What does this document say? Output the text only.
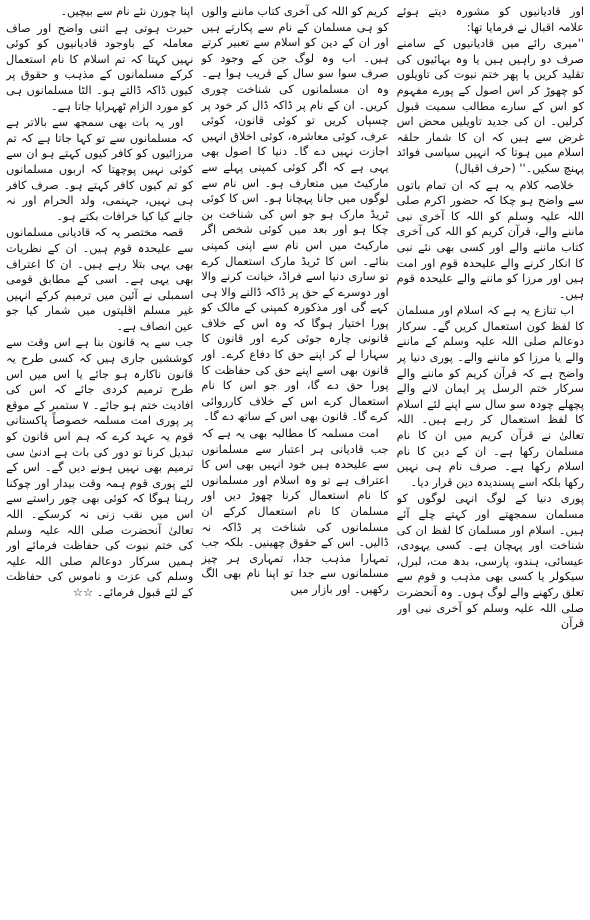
اور قادیانیوں کو مشورہ دیتے ہوئے علامہ اقبال نے فرمایا تھا:

''میری رائے میں قادیانیوں کے سامنے صرف دو راہیں ہیں یا وہ بہائیوں کی تقلید کریں یا پھر ختم نبوت کی تاویلوں کو چھوڑ کر اس اصول کے پورے مفہوم کو اس کے سارے مطالب سمیت قبول کرلیں۔ ان کی جدید تاویلیں محض اس غرض سے ہیں کہ ان کا شمار حلقہ اسلام میں ہوتا کہ انہیں سیاسی فوائد پہنچ سکیں۔'' (حرف اقبال)

خلاصہ کلام یہ ہے کہ ان تمام باتوں سے واضح ہو چکا کہ حضور اکرم صلی اللہ علیہ وسلم کو اللہ کا آخری نبی ماننے والے، قرآن کریم کو اللہ کی آخری کتاب ماننے والے اور کسی بھی نئے نبی کا انکار کرنے والے علیحدہ قوم اور امت ہیں اور مرزا کو ماننے والے علیحدہ قوم ہیں۔

اب تنازع یہ ہے کہ اسلام اور مسلمان کا لفظ کون استعمال کریں گے۔ سرکار دوعالم صلی اللہ علیہ وسلم کے ماننے والے یا مرزا کو ماننے والے۔ پوری دنیا پر واضح ہے کہ قرآن کریم کو ماننے والے سرکار ختم الرسل پر ایمان لانے والے پچھلے چودہ سو سال سے اپنے لئے اسلام کا لفظ استعمال کر رہے ہیں۔ اللہ تعالیٰ نے قرآن کریم میں ان کا نام مسلمان رکھا ہے۔ ان کے دین کا نام اسلام رکھا ہے۔ صرف نام ہی نہیں رکھا بلکہ اسے پسندیدہ دین قرار دیا۔

پوری دنیا کے لوگ انہی لوگوں کو مسلمان سمجھتے اور کہتے چلے آئے ہیں۔ اسلام اور مسلمان کا لفظ ان کی شناخت اور پہچان ہے۔ کسی یہودی، عیسائی، ہندو، پارسی، بدھ مت، لبرل، سیکولر یا کسی بھی مذہب و قوم سے تعلق رکھنے والے لوگ ہوں۔ وہ آنحضرت صلی اللہ علیہ وسلم کو آخری نبی اور قرآن

کریم کو اللہ کی آخری کتاب ماننے والوں کو ہی مسلمان کے نام سے پکارتے ہیں اور ان کے دین کو اسلام سے تعبیر کرتے ہیں۔ اب وہ لوگ جن کے وجود کو صرف سوا سو سال کے قریب ہوا ہے۔ وہ ان مسلمانوں کی شناخت چوری کریں۔ ان کے نام پر ڈاکہ ڈال کر خود پر چسپاں کریں تو کوئی قانون، کوئی عرف، کوئی معاشرہ، کوئی اخلاق انہیں اجازت نہیں دے گا۔ دنیا کا اصول بھی یہی ہے کہ اگر کوئی کمپنی پہلے سے مارکیٹ میں متعارف ہو۔ اس نام سے لوگوں میں جانا پہچانا ہو۔ اس کا کوئی ٹریڈ مارک ہو جو اس کی شناخت بن چکا ہو اور بعد میں کوئی شخص اگر مارکیٹ میں اس نام سے اپنی کمپنی بنائے۔ اس کا ٹریڈ مارک استعمال کرے تو ساری دنیا اسے فراڈ، خیانت کرنے والا اور دوسرے کے حق پر ڈاکہ ڈالنے والا ہی کہے گی اور مذکورہ کمپنی کے مالک کو پورا اختیار ہوگا کہ وہ اس کے خلاف قانونی چارہ جوئی کرے اور قانون کا سہارا لے کر اپنے حق کا دفاع کرے۔ اور قانون بھی اسے اپنے حق کی حفاظت کا پورا حق دے گا، اور جو اس کا نام استعمال کرے اس کے خلاف کارروائی کرے گا۔ قانون بھی اس کے ساتھ دے گا۔

امت مسلمہ کا مطالبہ بھی یہ ہے کہ جب قادیانی ہر اعتبار سے مسلمانوں سے علیحدہ ہیں خود انہیں بھی اس کا اعتراف ہے تو وہ اسلام اور مسلمانوں کا نام استعمال کرنا چھوڑ دیں اور مسلمان کا نام استعمال کرکے ان مسلمانوں کی شناخت پر ڈاکہ نہ ڈالیں۔ اس کے حقوق چھینیں۔ بلکہ جب تمہارا مذہب جدا، تمہاری ہر چیز مسلمانوں سے جدا تو اپنا نام بھی الگ رکھیں۔ اور بازار میں

اپنا چورن نئے نام سے بیچیں۔

حیرت ہوتی ہے اتنی واضح اور صاف معاملہ کے باوجود قادیانیوں کو کوئی نہیں کہتا کہ تم اسلام کا نام استعمال کرکے مسلمانوں کے مذہب و حقوق پر کیوں ڈاکہ ڈالتے ہو۔ الٹا مسلمانوں ہی کو مورد الزام ٹھہرایا جاتا ہے۔

اور یہ بات بھی سمجھ سے بالاتر ہے کہ مسلمانوں سے تو کہا جاتا ہے کہ تم مرزائیوں کو کافر کیوں کہتے ہو ان سے کوئی نہیں پوچھتا کہ اربوں مسلمانوں کو تم کیوں کافر کہتے ہو۔ صرف کافر ہی نہیں، جہنمی، ولد الحرام اور نہ جانے کیا کیا خرافات بکتے ہو۔

قصہ مختصر یہ کہ قادیانی مسلمانوں سے علیحدہ قوم ہیں۔ ان کے نظریات بھی یہی بتلا رہے ہیں۔ ان کا اعتراف بھی یہی ہے۔ اسی کے مطابق قومی اسمبلی نے آئین میں ترمیم کرکے انہیں غیر مسلم اقلیتوں میں شمار کیا جو عین انصاف ہے۔

جب سے یہ قانون بنا ہے اس وقت سے کوششیں جاری ہیں کہ کسی طرح یہ قانون ناکارہ ہو جائے یا اس میں اس طرح ترمیم کردی جائے کہ اس کی افادیت ختم ہو جائے۔ ۷ ستمبر کے موقع پر پوری امت مسلمہ خصوصاً پاکستانی قوم یہ عہد کرے کہ ہم اس قانون کو تبدیل کرنا تو دور کی بات ہے ادنیٰ سی ترمیم بھی نہیں ہونے دیں گے۔ اس کے لئے پوری قوم ہمہ وقت بیدار اور چوکنا رہنا ہوگا کہ کوئی بھی چور راستے سے اس میں نقب زنی نہ کرسکے۔ اللہ تعالیٰ آنحضرت صلی اللہ علیہ وسلم کی ختم نبوت کی حفاظت فرمائے اور ہمیں سرکار دوعالم صلی اللہ علیہ وسلم کی عزت و ناموس کی حفاظت کے لئے قبول فرمائے۔ ☆☆
